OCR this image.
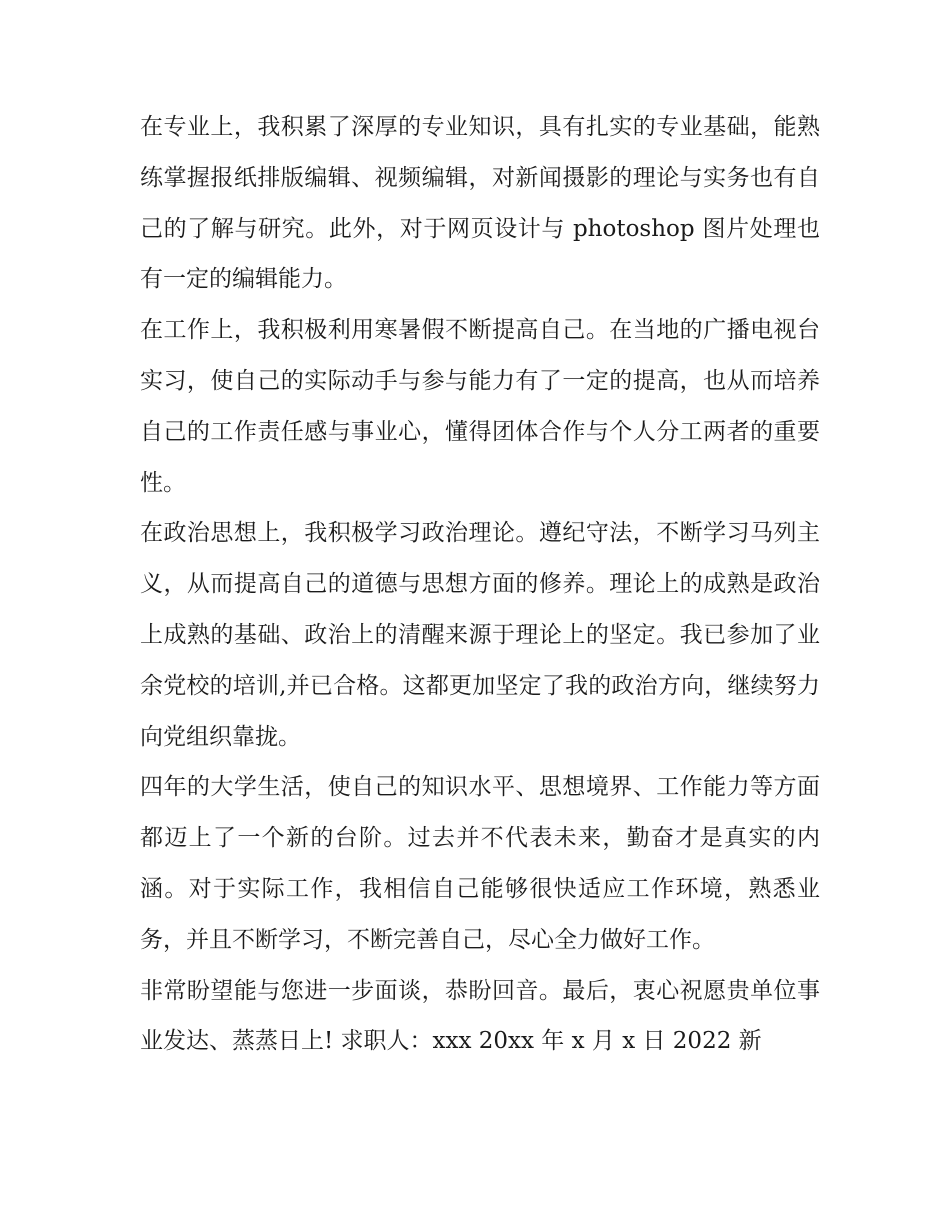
在专业上，我积累了深厚的专业知识，具有扎实的专业基础，能熟练掌握报纸排版编辑、视频编辑，对新闻摄影的理论与实务也有自己的了解与研究。此外，对于网页设计与 photoshop 图片处理也有一定的编辑能力。

在工作上，我积极利用寒暑假不断提高自己。在当地的广播电视台实习，使自己的实际动手与参与能力有了一定的提高，也从而培养自己的工作责任感与事业心，懂得团体合作与个人分工两者的重要性。

在政治思想上，我积极学习政治理论。遵纪守法，不断学习马列主义，从而提高自己的道德与思想方面的修养。理论上的成熟是政治上成熟的基础、政治上的清醒来源于理论上的坚定。我已参加了业余党校的培训,并已合格。这都更加坚定了我的政治方向，继续努力向党组织靠拢。

四年的大学生活，使自己的知识水平、思想境界、工作能力等方面都迈上了一个新的台阶。过去并不代表未来，勤奋才是真实的内涵。对于实际工作，我相信自己能够很快适应工作环境，熟悉业务，并且不断学习，不断完善自己，尽心全力做好工作。

非常盼望能与您进一步面谈，恭盼回音。最后，衷心祝愿贵单位事业发达、蒸蒸日上! 求职人：xxx 20xx 年 x 月 x 日 2022 新
